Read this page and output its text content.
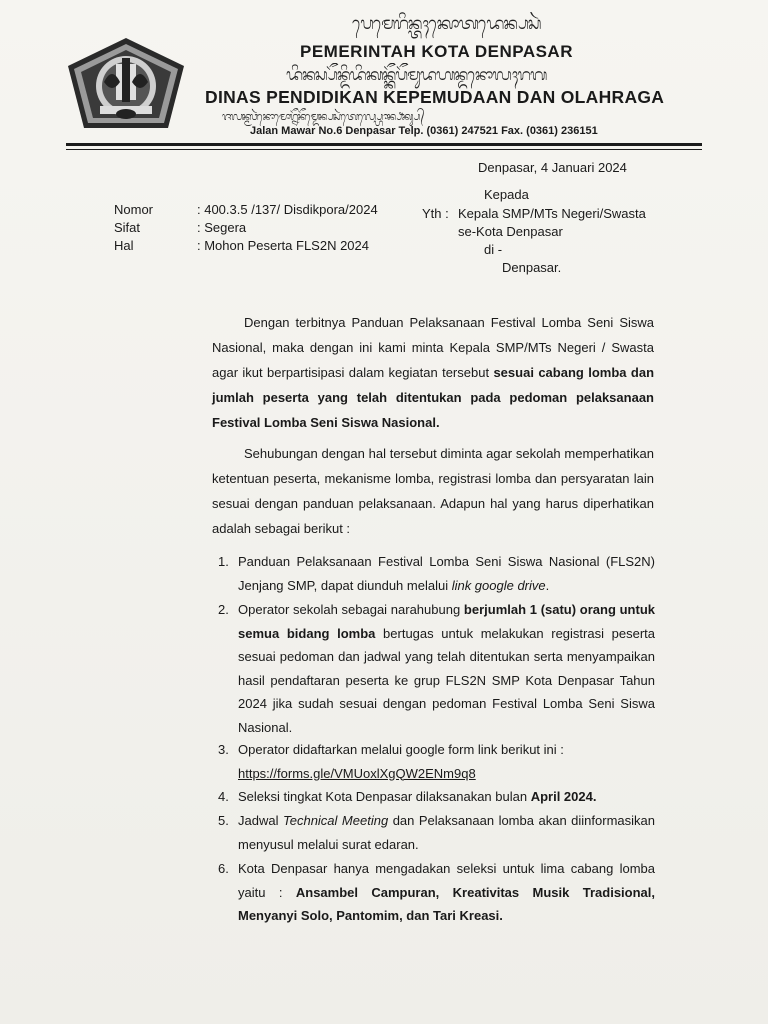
ᬧᬾᬫᬾᬭᬶᬦ᭄ᬢᬄᬓᭀᬢᬤᬾᬦ᭄ᬧᬲᬃ
PEMERINTAH KOTA DENPASAR
ᬤᬶᬦᬲ᭄ᬧᭂᬦ᭄ᬤᬶᬤᬶᬓᬦ᭄ᬓᭂᬧᭂᬫᬸᬤᬳᬦ᭄ᬤᬦᭀᬮᬄᬭᬕ
DINAS PENDIDIKAN KEPEMUDAAN DAN OLAHRAGA
ᬚᬮᬦ᭄ᬫᬯᬃᬦᭀᬫᭀᬭ᭄ᬦᭂᬦᭂᬫ᭄ᬤᬾᬦ᭄ᬧᬲᬃᬢᬾᬮ᭄ᬧ᭄ᬳᭀᬦ᭄ᬨᬓ᭄ᬲ᭄
Jalan Mawar No.6 Denpasar Telp. (0361) 247521 Fax. (0361) 236151
Denpasar, 4 Januari 2024
Nomor	: 400.3.5 /137/ Disdikpora/2024
Sifat	: Segera
Hal	: Mohon Peserta FLS2N 2024
Kepada
Yth : Kepala SMP/MTs Negeri/Swasta
se-Kota Denpasar
di -
Denpasar.
Dengan terbitnya Panduan Pelaksanaan Festival Lomba Seni Siswa Nasional, maka dengan ini kami minta Kepala SMP/MTs Negeri / Swasta agar ikut berpartisipasi dalam kegiatan tersebut sesuai cabang lomba dan jumlah peserta yang telah ditentukan pada pedoman pelaksanaan Festival Lomba Seni Siswa Nasional.
Sehubungan dengan hal tersebut diminta agar sekolah memperhatikan ketentuan peserta, mekanisme lomba, registrasi lomba dan persyaratan lain sesuai dengan panduan pelaksanaan. Adapun hal yang harus diperhatikan adalah sebagai berikut :
1. Panduan Pelaksanaan Festival Lomba Seni Siswa Nasional (FLS2N) Jenjang SMP, dapat diunduh melalui link google drive.
2. Operator sekolah sebagai narahubung berjumlah 1 (satu) orang untuk semua bidang lomba bertugas untuk melakukan registrasi peserta sesuai pedoman dan jadwal yang telah ditentukan serta menyampaikan hasil pendaftaran peserta ke grup FLS2N SMP Kota Denpasar Tahun 2024 jika sudah sesuai dengan pedoman Festival Lomba Seni Siswa Nasional.
3. Operator didaftarkan melalui google form link berikut ini :
https://forms.gle/VMUoxlXgQW2ENm9q8
4. Seleksi tingkat Kota Denpasar dilaksanakan bulan April 2024.
5. Jadwal Technical Meeting dan Pelaksanaan lomba akan diinformasikan menyusul melalui surat edaran.
6. Kota Denpasar hanya mengadakan seleksi untuk lima cabang lomba yaitu : Ansambel Campuran, Kreativitas Musik Tradisional, Menyanyi Solo, Pantomim, dan Tari Kreasi.
